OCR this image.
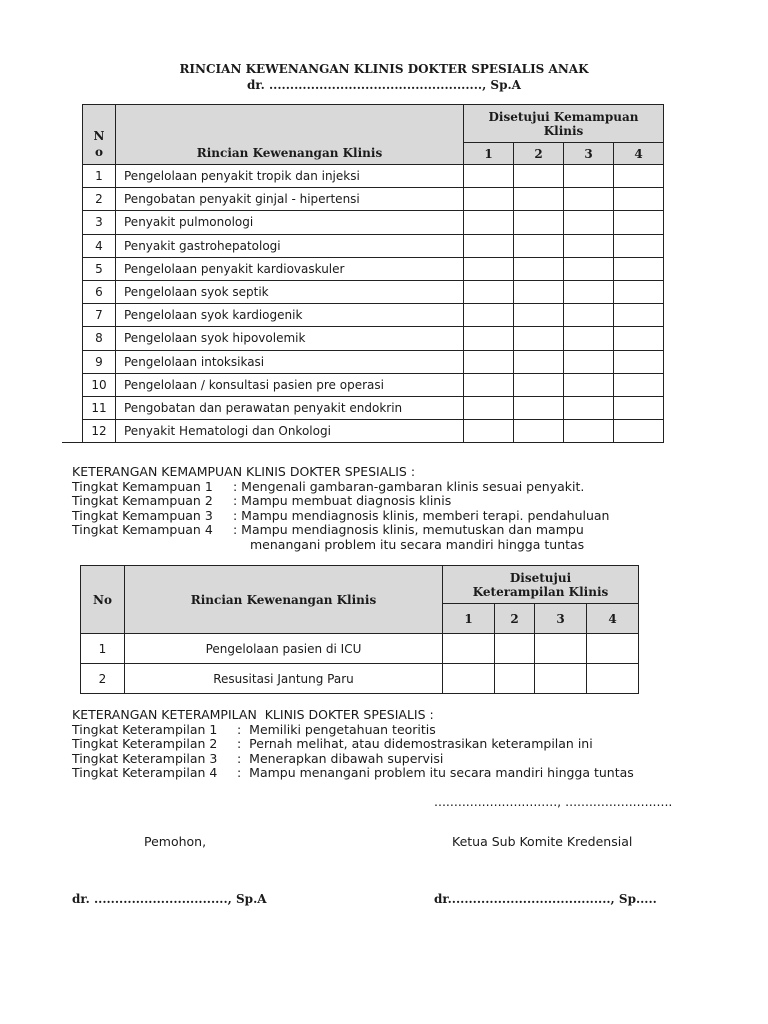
RINCIAN KEWENANGAN KLINIS DOKTER SPESIALIS ANAK
dr. ..................................................., Sp.A
N
o	Rincian Kewenangan Klinis	Disetujui Kemampuan Klinis			
		1	2	3	4
1	Pengelolaan penyakit tropik dan injeksi				
2	Pengobatan penyakit ginjal - hipertensi				
3	Penyakit pulmonologi				
4	Penyakit gastrohepatologi				
5	Pengelolaan penyakit kardiovaskuler				
6	Pengelolaan syok septik				
7	Pengelolaan syok kardiogenik				
8	Pengelolaan syok hipovolemik				
9	Pengelolaan intoksikasi				
10	Pengelolaan / konsultasi pasien pre operasi				
11	Pengobatan dan perawatan penyakit endokrin				
12	Penyakit Hematologi dan Onkologi				
KETERANGAN KEMAMPUAN KLINIS DOKTER SPESIALIS :
Tingkat Kemampuan 1 : Mengenali gambaran-gambaran klinis sesuai penyakit.
Tingkat Kemampuan 2 : Mampu membuat diagnosis klinis
Tingkat Kemampuan 3 : Mampu mendiagnosis klinis, memberi terapi. pendahuluan
Tingkat Kemampuan 4 : Mampu mendiagnosis klinis, memutuskan dan mampu
menangani problem itu secara mandiri hingga tuntas
No	Rincian Kewenangan Klinis	Disetujui Keterampilan Klinis			
		1	2	3	4
1	Pengelolaan pasien di ICU				
2	Resusitasi Jantung Paru				
KETERANGAN KETERAMPILAN  KLINIS DOKTER SPESIALIS :
Tingkat Keterampilan 1 :  Memiliki pengetahuan teoritis
Tingkat Keterampilan 2 :  Pernah melihat, atau didemostrasikan keterampilan ini
Tingkat Keterampilan 3 :  Menerapkan dibawah supervisi
Tingkat Keterampilan 4 :  Mampu menangani problem itu secara mandiri hingga tuntas
..............................., ...........................
Pemohon,	Ketua Sub Komite Kredensial
dr. ................................, Sp.A	dr......................................., Sp.....
